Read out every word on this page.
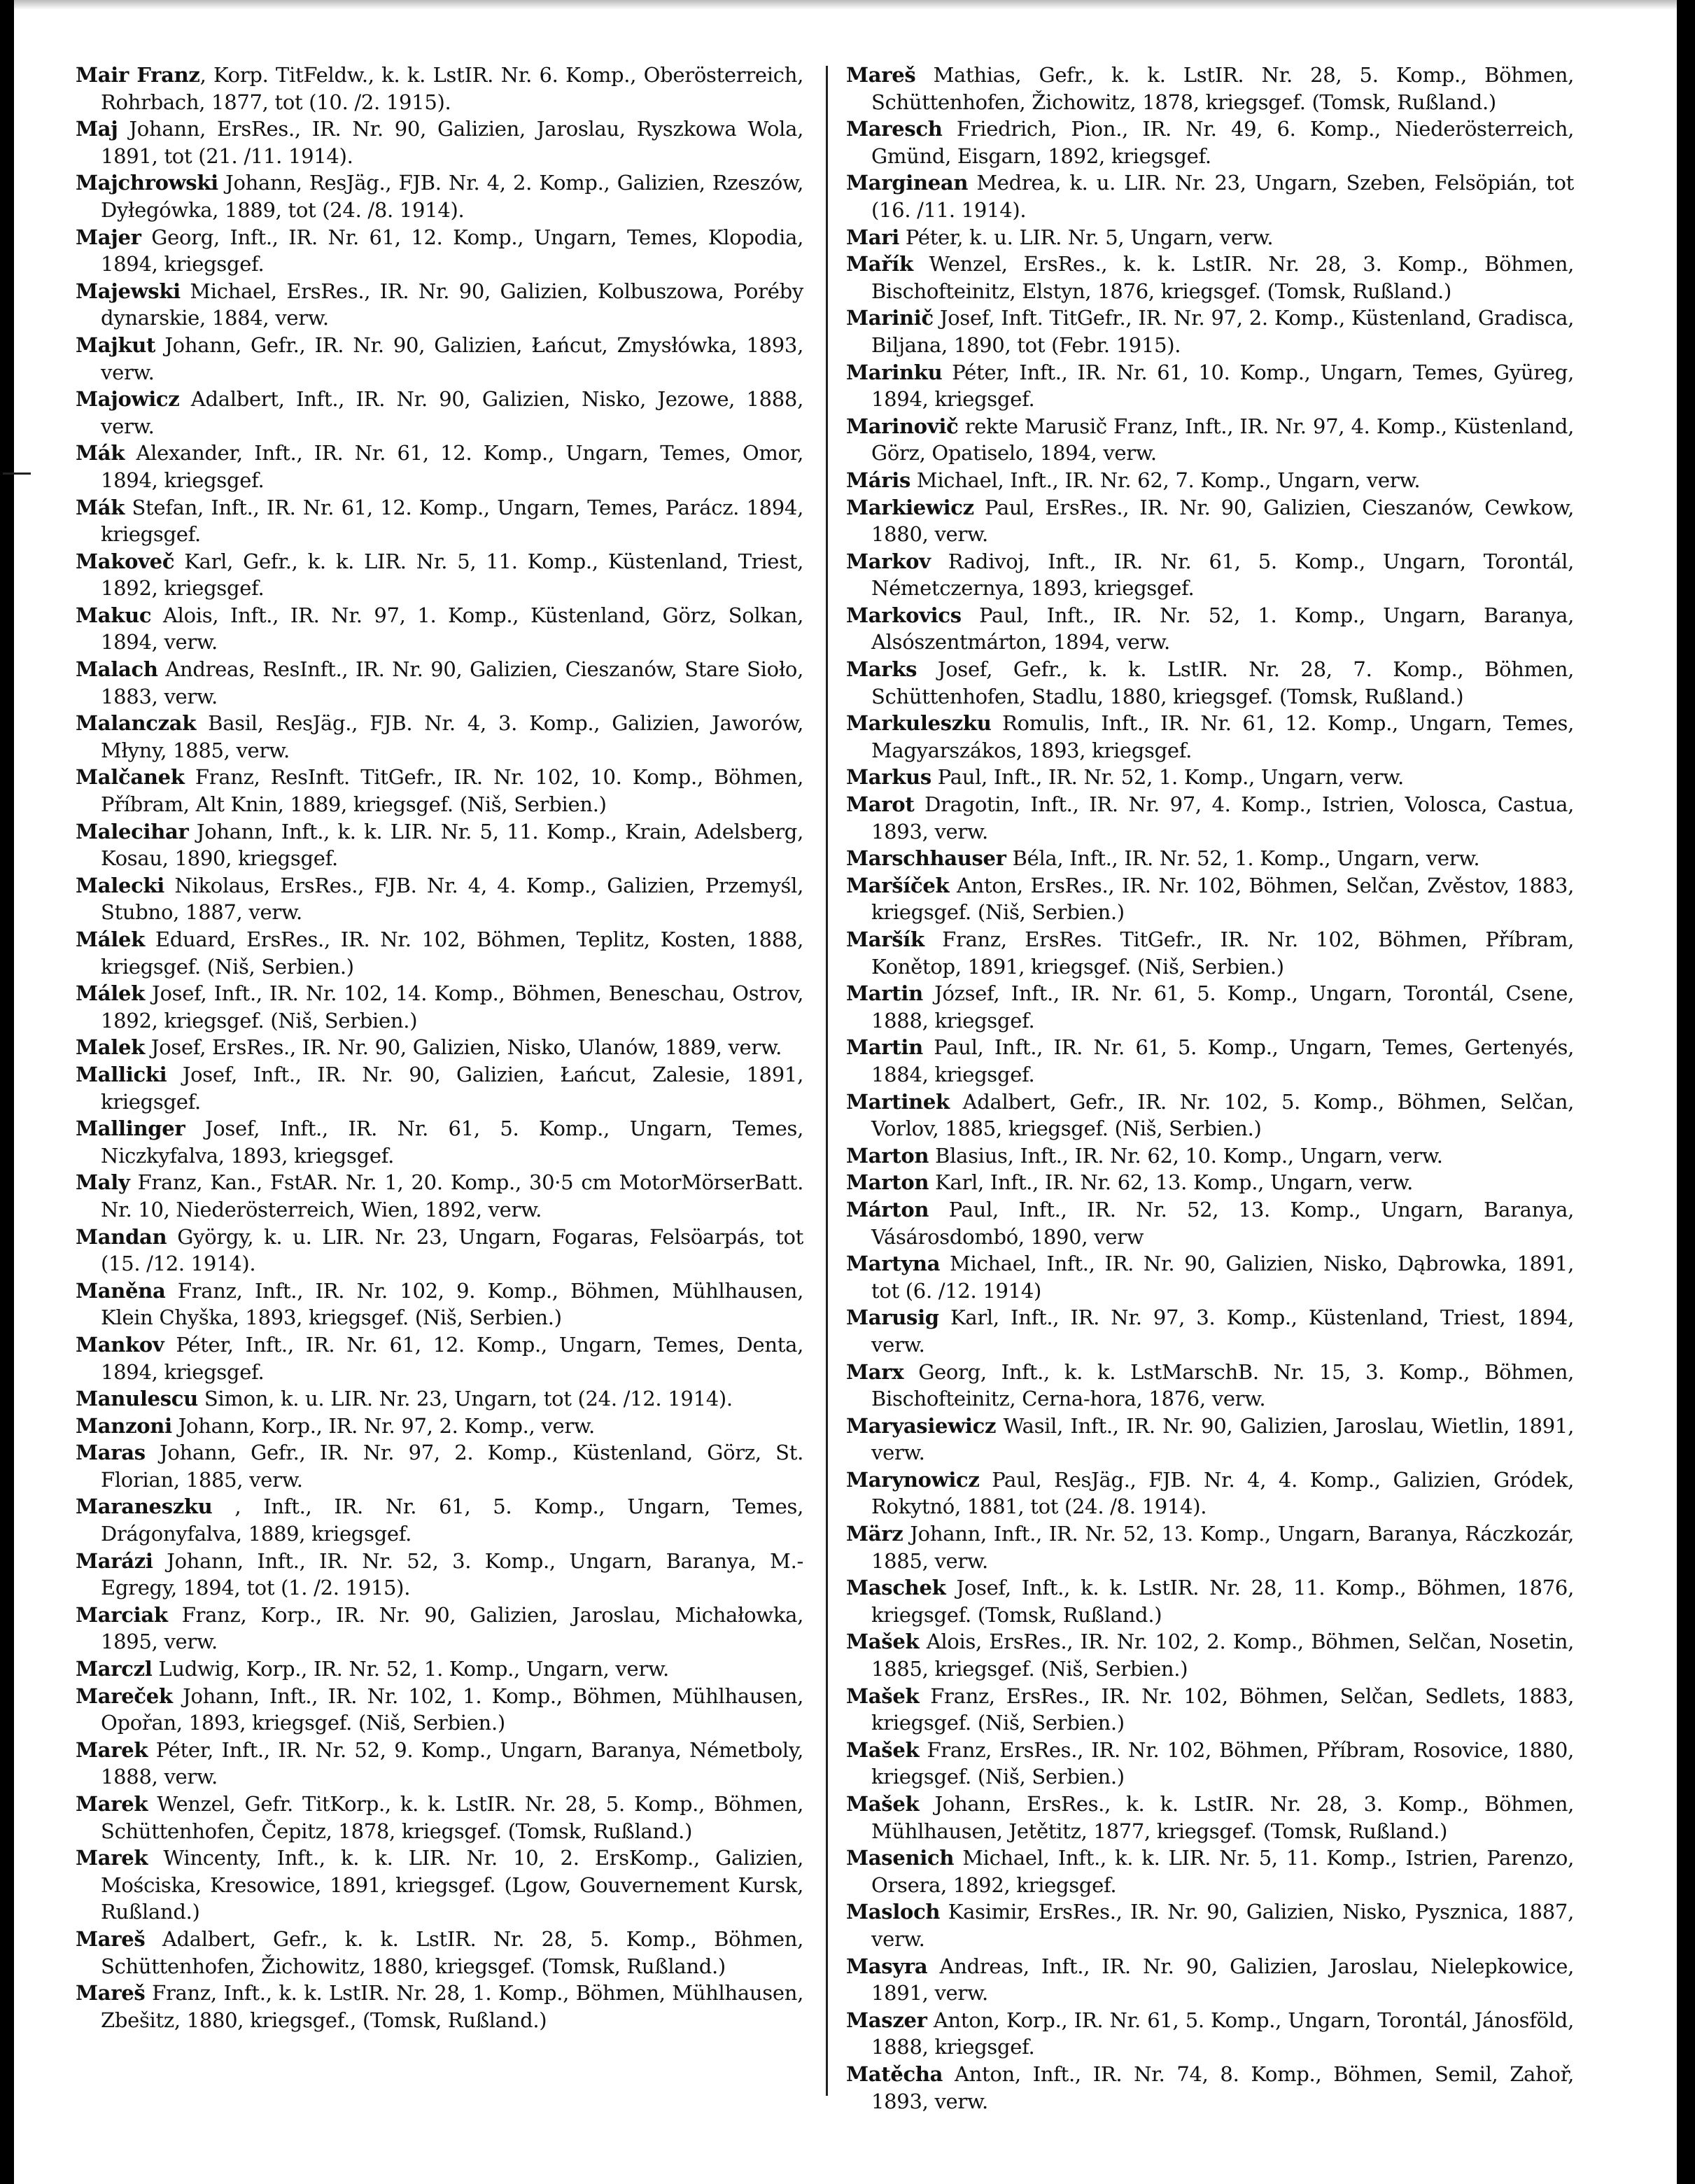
Mair Franz, Korp. TitFeldw., k. k. LstIR. Nr. 6. Komp., Oberösterreich, Rohrbach, 1877, tot (10. /2. 1915).
Maj Johann, ErsRes., IR. Nr. 90, Galizien, Jaroslau, Ryszkowa Wola, 1891, tot (21. /11. 1914).
Majchrowski Johann, ResJäg., FJB. Nr. 4, 2. Komp., Galizien, Rzeszów, Dyłegówka, 1889, tot (24. /8. 1914).
Majer Georg, Inft., IR. Nr. 61, 12. Komp., Ungarn, Temes, Klopodia, 1894, kriegsgef.
Majewski Michael, ErsRes., IR. Nr. 90, Galizien, Kolbuszowa, Poréby dynarskie, 1884, verw.
Majkut Johann, Gefr., IR. Nr. 90, Galizien, Łańcut, Zmysłówka, 1893, verw.
Majowicz Adalbert, Inft., IR. Nr. 90, Galizien, Nisko, Jezowe, 1888, verw.
Mák Alexander, Inft., IR. Nr. 61, 12. Komp., Ungarn, Temes, Omor, 1894, kriegsgef.
Mák Stefan, Inft., IR. Nr. 61, 12. Komp., Ungarn, Temes, Parácz. 1894, kriegsgef.
Makoveč Karl, Gefr., k. k. LIR. Nr. 5, 11. Komp., Küstenland, Triest, 1892, kriegsgef.
Makuc Alois, Inft., IR. Nr. 97, 1. Komp., Küstenland, Görz, Solkan, 1894, verw.
Malach Andreas, ResInft., IR. Nr. 90, Galizien, Cieszanów, Stare Sioło, 1883, verw.
Malanczak Basil, ResJäg., FJB. Nr. 4, 3. Komp., Galizien, Jaworów, Młyny, 1885, verw.
Malčanek Franz, ResInft. TitGefr., IR. Nr. 102, 10. Komp., Böhmen, Příbram, Alt Knin, 1889, kriegsgef. (Niš, Serbien.)
Malecihar Johann, Inft., k. k. LIR. Nr. 5, 11. Komp., Krain, Adelsberg, Kosau, 1890, kriegsgef.
Malecki Nikolaus, ErsRes., FJB. Nr. 4, 4. Komp., Galizien, Przemyśl, Stubno, 1887, verw.
Málek Eduard, ErsRes., IR. Nr. 102, Böhmen, Teplitz, Kosten, 1888, kriegsgef. (Niš, Serbien.)
Málek Josef, Inft., IR. Nr. 102, 14. Komp., Böhmen, Beneschau, Ostrov, 1892, kriegsgef. (Niš, Serbien.)
Malek Josef, ErsRes., IR. Nr. 90, Galizien, Nisko, Ulanów, 1889, verw.
Mallicki Josef, Inft., IR. Nr. 90, Galizien, Łańcut, Zalesie, 1891, kriegsgef.
Mallinger Josef, Inft., IR. Nr. 61, 5. Komp., Ungarn, Temes, Niczkyfalva, 1893, kriegsgef.
Maly Franz, Kan., FstAR. Nr. 1, 20. Komp., 30·5 cm MotorMörserBatt. Nr. 10, Niederösterreich, Wien, 1892, verw.
Mandan György, k. u. LIR. Nr. 23, Ungarn, Fogaras, Felsöarpás, tot (15. /12. 1914).
Maněna Franz, Inft., IR. Nr. 102, 9. Komp., Böhmen, Mühlhausen, Klein Chyška, 1893, kriegsgef. (Niš, Serbien.)
Mankov Péter, Inft., IR. Nr. 61, 12. Komp., Ungarn, Temes, Denta, 1894, kriegsgef.
Manulescu Simon, k. u. LIR. Nr. 23, Ungarn, tot (24. /12. 1914).
Manzoni Johann, Korp., IR. Nr. 97, 2. Komp., verw.
Maras Johann, Gefr., IR. Nr. 97, 2. Komp., Küstenland, Görz, St. Florian, 1885, verw.
Maraneszku , Inft., IR. Nr. 61, 5. Komp., Ungarn, Temes, Drágonyfalva, 1889, kriegsgef.
Marázi Johann, Inft., IR. Nr. 52, 3. Komp., Ungarn, Baranya, M.-Egregy, 1894, tot (1. /2. 1915).
Marciak Franz, Korp., IR. Nr. 90, Galizien, Jaroslau, Michałowka, 1895, verw.
Marczl Ludwig, Korp., IR. Nr. 52, 1. Komp., Ungarn, verw.
Mareček Johann, Inft., IR. Nr. 102, 1. Komp., Böhmen, Mühlhausen, Opořan, 1893, kriegsgef. (Niš, Serbien.)
Marek Péter, Inft., IR. Nr. 52, 9. Komp., Ungarn, Baranya, Németboly, 1888, verw.
Marek Wenzel, Gefr. TitKorp., k. k. LstIR. Nr. 28, 5. Komp., Böhmen, Schüttenhofen, Čepitz, 1878, kriegsgef. (Tomsk, Rußland.)
Marek Wincenty, Inft., k. k. LIR. Nr. 10, 2. ErsKomp., Galizien, Mościska, Kresowice, 1891, kriegsgef. (Lgow, Gouvernement Kursk, Rußland.)
Mareš Adalbert, Gefr., k. k. LstIR. Nr. 28, 5. Komp., Böhmen, Schüttenhofen, Žichowitz, 1880, kriegsgef. (Tomsk, Rußland.)
Mareš Franz, Inft., k. k. LstIR. Nr. 28, 1. Komp., Böhmen, Mühlhausen, Zbešitz, 1880, kriegsgef., (Tomsk, Rußland.)
Mareš Mathias, Gefr., k. k. LstIR. Nr. 28, 5. Komp., Böhmen, Schüttenhofen, Žichowitz, 1878, kriegsgef. (Tomsk, Rußland.)
Maresch Friedrich, Pion., IR. Nr. 49, 6. Komp., Niederösterreich, Gmünd, Eisgarn, 1892, kriegsgef.
Marginean Medrea, k. u. LIR. Nr. 23, Ungarn, Szeben, Felsöpián, tot (16. /11. 1914).
Mari Péter, k. u. LIR. Nr. 5, Ungarn, verw.
Mařík Wenzel, ErsRes., k. k. LstIR. Nr. 28, 3. Komp., Böhmen, Bischofteinitz, Elstyn, 1876, kriegsgef. (Tomsk, Rußland.)
Marinič Josef, Inft. TitGefr., IR. Nr. 97, 2. Komp., Küstenland, Gradisca, Biljana, 1890, tot (Febr. 1915).
Marinku Péter, Inft., IR. Nr. 61, 10. Komp., Ungarn, Temes, Gyüreg, 1894, kriegsgef.
Marinovič rekte Marusič Franz, Inft., IR. Nr. 97, 4. Komp., Küstenland, Görz, Opatiselo, 1894, verw.
Máris Michael, Inft., IR. Nr. 62, 7. Komp., Ungarn, verw.
Markiewicz Paul, ErsRes., IR. Nr. 90, Galizien, Cieszanów, Cewkow, 1880, verw.
Markov Radivoj, Inft., IR. Nr. 61, 5. Komp., Ungarn, Torontál, Németczernya, 1893, kriegsgef.
Markovics Paul, Inft., IR. Nr. 52, 1. Komp., Ungarn, Baranya, Alsószentmárton, 1894, verw.
Marks Josef, Gefr., k. k. LstIR. Nr. 28, 7. Komp., Böhmen, Schüttenhofen, Stadlu, 1880, kriegsgef. (Tomsk, Rußland.)
Markuleszku Romulis, Inft., IR. Nr. 61, 12. Komp., Ungarn, Temes, Magyarszákos, 1893, kriegsgef.
Markus Paul, Inft., IR. Nr. 52, 1. Komp., Ungarn, verw.
Marot Dragotin, Inft., IR. Nr. 97, 4. Komp., Istrien, Volosca, Castua, 1893, verw.
Marschhauser Béla, Inft., IR. Nr. 52, 1. Komp., Ungarn, verw.
Maršíček Anton, ErsRes., IR. Nr. 102, Böhmen, Selčan, Zvěstov, 1883, kriegsgef. (Niš, Serbien.)
Maršík Franz, ErsRes. TitGefr., IR. Nr. 102, Böhmen, Příbram, Konětop, 1891, kriegsgef. (Niš, Serbien.)
Martin József, Inft., IR. Nr. 61, 5. Komp., Ungarn, Torontál, Csene, 1888, kriegsgef.
Martin Paul, Inft., IR. Nr. 61, 5. Komp., Ungarn, Temes, Gertenyés, 1884, kriegsgef.
Martinek Adalbert, Gefr., IR. Nr. 102, 5. Komp., Böhmen, Selčan, Vorlov, 1885, kriegsgef. (Niš, Serbien.)
Marton Blasius, Inft., IR. Nr. 62, 10. Komp., Ungarn, verw.
Marton Karl, Inft., IR. Nr. 62, 13. Komp., Ungarn, verw.
Márton Paul, Inft., IR. Nr. 52, 13. Komp., Ungarn, Baranya, Vásárosdombó, 1890, verw
Martyna Michael, Inft., IR. Nr. 90, Galizien, Nisko, Dąbrowka, 1891, tot (6. /12. 1914)
Marusig Karl, Inft., IR. Nr. 97, 3. Komp., Küstenland, Triest, 1894, verw.
Marx Georg, Inft., k. k. LstMarschB. Nr. 15, 3. Komp., Böhmen, Bischofteinitz, Cerna-hora, 1876, verw.
Maryasiewicz Wasil, Inft., IR. Nr. 90, Galizien, Jaroslau, Wietlin, 1891, verw.
Marynowicz Paul, ResJäg., FJB. Nr. 4, 4. Komp., Galizien, Gródek, Rokytnó, 1881, tot (24. /8. 1914).
März Johann, Inft., IR. Nr. 52, 13. Komp., Ungarn, Baranya, Ráczkozár, 1885, verw.
Maschek Josef, Inft., k. k. LstIR. Nr. 28, 11. Komp., Böhmen, 1876, kriegsgef. (Tomsk, Rußland.)
Mašek Alois, ErsRes., IR. Nr. 102, 2. Komp., Böhmen, Selčan, Nosetin, 1885, kriegsgef. (Niš, Serbien.)
Mašek Franz, ErsRes., IR. Nr. 102, Böhmen, Selčan, Sedlets, 1883, kriegsgef. (Niš, Serbien.)
Mašek Franz, ErsRes., IR. Nr. 102, Böhmen, Příbram, Rosovice, 1880, kriegsgef. (Niš, Serbien.)
Mašek Johann, ErsRes., k. k. LstIR. Nr. 28, 3. Komp., Böhmen, Mühlhausen, Jetětitz, 1877, kriegsgef. (Tomsk, Rußland.)
Masenich Michael, Inft., k. k. LIR. Nr. 5, 11. Komp., Istrien, Parenzo, Orsera, 1892, kriegsgef.
Masloch Kasimir, ErsRes., IR. Nr. 90, Galizien, Nisko, Pysznica, 1887, verw.
Masyra Andreas, Inft., IR. Nr. 90, Galizien, Jaroslau, Nielepkowice, 1891, verw.
Maszer Anton, Korp., IR. Nr. 61, 5. Komp., Ungarn, Torontál, Jánosföld, 1888, kriegsgef.
Matěcha Anton, Inft., IR. Nr. 74, 8. Komp., Böhmen, Semil, Zahoř, 1893, verw.
